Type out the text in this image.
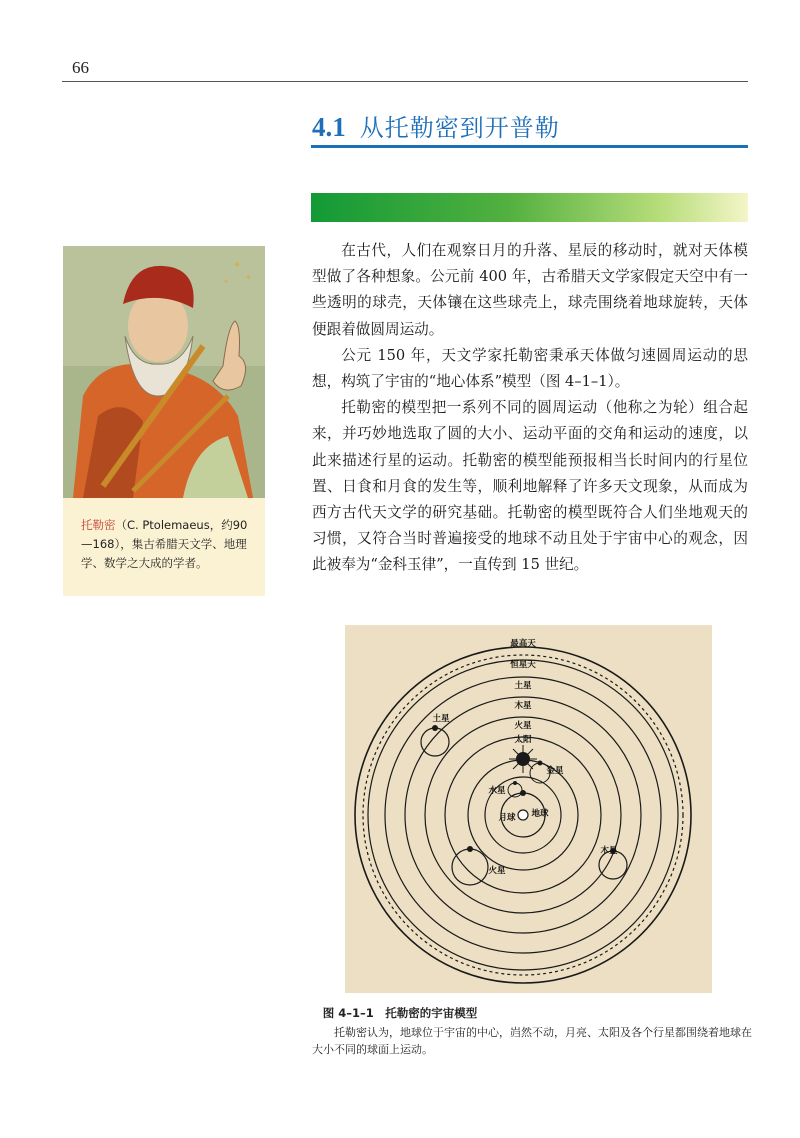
66
4.1 从托勒密到开普勒
✦
✦
✦
托勒密（C. Ptolemaeus，约90—168），集古希腊天文学、地理学、数学之大成的学者。

在古代，人们在观察日月的升落、星辰的移动时，就对天体模型做了各种想象。公元前 400 年，古希腊天文学家假定天空中有一些透明的球壳，天体镶在这些球壳上，球壳围绕着地球旋转，天体便跟着做圆周运动。

公元 150 年，天文学家托勒密秉承天体做匀速圆周运动的思想，构筑了宇宙的“地心体系”模型（图 4–1–1）。

托勒密的模型把一系列不同的圆周运动（他称之为轮）组合起来，并巧妙地选取了圆的大小、运动平面的交角和运动的速度，以此来描述行星的运动。托勒密的模型能预报相当长时间内的行星位置、日食和月食的发生等，顺利地解释了许多天文现象，从而成为西方古代天文学的研究基础。托勒密的模型既符合人们坐地观天的习惯，又符合当时普遍接受的地球不动且处于宇宙中心的观念，因此被奉为“金科玉律”，一直传到 15 世纪。

最高天
恒星天
土星
木星
火星
太阳
金星
水星
月球 地球
土星
火星
木星
图 4–1–1　托勒密的宇宙模型
托勒密认为，地球位于宇宙的中心，岿然不动，月亮、太阳及各个行星都围绕着地球在大小不同的球面上运动。
